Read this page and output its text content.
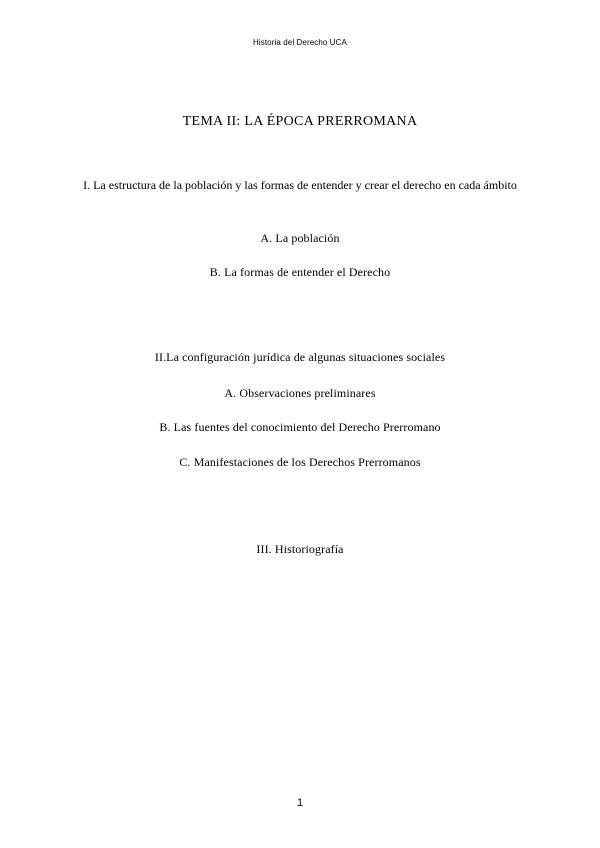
Historia del Derecho UCA
TEMA II: LA ÉPOCA PRERROMANA
I. La estructura de la población y las formas de entender y crear el derecho en cada ámbito
A. La población
B. La formas de entender el Derecho
II.La configuración jurídica de algunas situaciones sociales
A. Observaciones preliminares
B. Las fuentes del conocimiento del Derecho Prerromano
C. Manifestaciones de los Derechos Prerromanos
III. Historiografía
1
